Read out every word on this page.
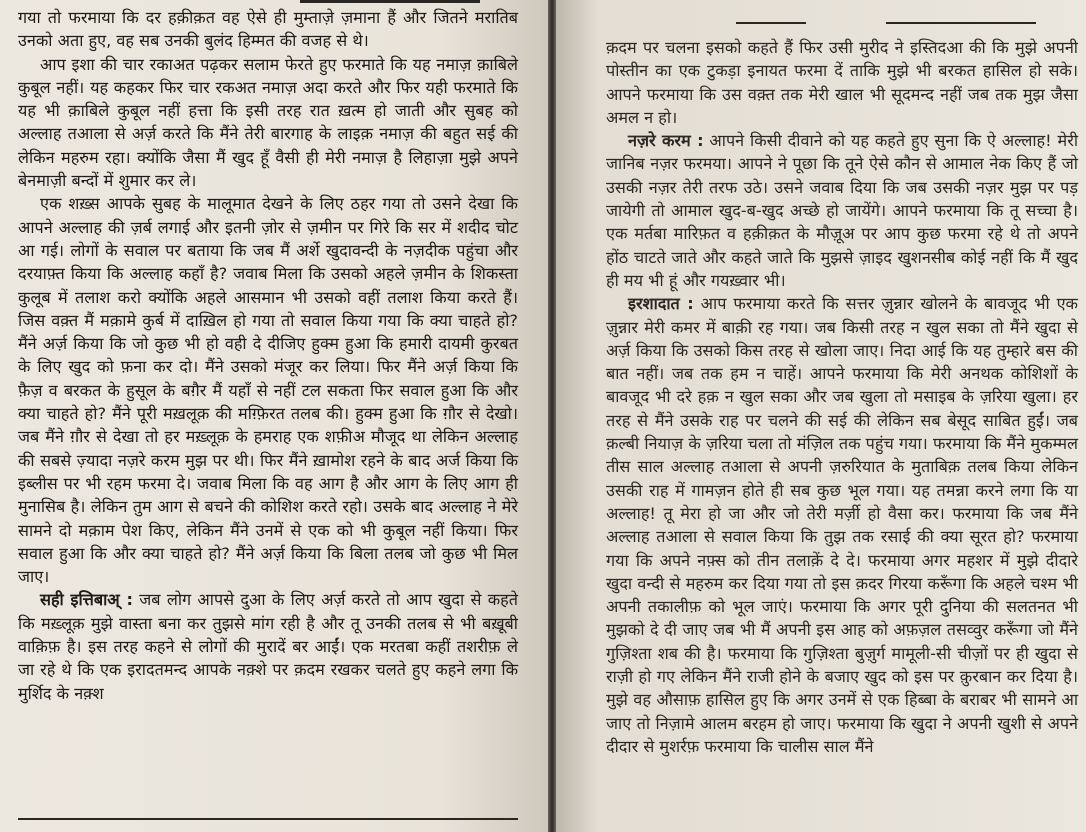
गया तो फरमाया कि दर हक़ीक़त वह ऐसे ही मुम्ताज़े ज़माना हैं और जितने मरातिब उनको अता हुए, वह सब उनकी बुलंद हिम्मत की वजह से थे।

आप इशा की चार रकाअत पढ़कर सलाम फेरते हुए फरमाते कि यह नमाज़ क़ाबिले कुबूल नहीं। यह कहकर फिर चार रकअत नमाज़ अदा करते और फिर यही फरमाते कि यह भी क़ाबिले कुबूल नहीं हत्ता कि इसी तरह रात ख़त्म हो जाती और सुबह को अल्लाह तआला से अर्ज़ करते कि मैंने तेरी बारगाह के लाइक़ नमाज़ की बहुत सई की लेकिन महरुम रहा। क्योंकि जैसा मैं खुद हूँ वैसी ही मेरी नमाज़ है लिहाज़ा मुझे अपने बेनमाज़ी बन्दों में शुमार कर ले।

एक शख़्स आपके सुबह के मालूमात देखने के लिए ठहर गया तो उसने देखा कि आपने अल्लाह की ज़र्ब लगाई और इतनी ज़ोर से ज़मीन पर गिरे कि सर में शदीद चोट आ गई। लोगों के सवाल पर बताया कि जब मैं अर्शे खुदावन्दी के नज़दीक पहुंचा और दरयाफ़्त किया कि अल्लाह कहाँ है? जवाब मिला कि उसको अहले ज़मीन के शिकस्ता कुलूब में तलाश करो क्योंकि अहले आसमान भी उसको वहीं तलाश किया करते हैं। जिस वक़्त मैं मक़ामे कुर्ब में दाख़िल हो गया तो सवाल किया गया कि क्या चाहते हो? मैंने अर्ज़ किया कि जो कुछ भी हो वही दे दीजिए हुक्म हुआ कि हमारी दायमी कुरबत के लिए खुद को फ़ना कर दो। मैंने उसको मंजूर कर लिया। फिर मैंने अर्ज़ किया कि फ़ैज़ व बरकत के हुसूल के बग़ैर मैं यहाँ से नहीं टल सकता फिर सवाल हुआ कि और क्या चाहते हो? मैंने पूरी मख़लूक़ की मग़्फ़िरत तलब की। हुक्म हुआ कि ग़ौर से देखो। जब मैंने ग़ौर से देखा तो हर मख़्लूक़ के हमराह एक शफ़ीअ मौजूद था लेकिन अल्लाह की सबसे ज़्यादा नज़रे करम मुझ पर थी। फिर मैंने ख़ामोश रहने के बाद अर्ज किया कि इब्लीस पर भी रहम फरमा दे। जवाब मिला कि वह आग है और आग के लिए आग ही मुनासिब है। लेकिन तुम आग से बचने की कोशिश करते रहो। उसके बाद अल्लाह ने मेरे सामने दो मक़ाम पेश किए, लेकिन मैंने उनमें से एक को भी कुबूल नहीं किया। फिर सवाल हुआ कि और क्या चाहते हो? मैंने अर्ज़ किया कि बिला तलब जो कुछ भी मिल जाए।

सही इत्तिबाअ् : जब लोग आपसे दुआ के लिए अर्ज़ करते तो आप खुदा से कहते कि मख़्लूक़ मुझे वास्ता बना कर तुझसे मांग रही है और तू उनकी तलब से भी बख़ूबी वाक़िफ़ है। इस तरह कहने से लोगों की मुरादें बर आईं। एक मरतबा कहीं तशरीफ़ ले जा रहे थे कि एक इरादतमन्द आपके नक़्शे पर क़दम रखकर चलते हुए कहने लगा कि मुर्शिद के नक़्श

क़दम पर चलना इसको कहते हैं फिर उसी मुरीद ने इस्तिदआ की कि मुझे अपनी पोस्तीन का एक टुकड़ा इनायत फरमा दें ताकि मुझे भी बरकत हासिल हो सके। आपने फरमाया कि उस वक़्त तक मेरी खाल भी सूदमन्द नहीं जब तक मुझ जैसा अमल न हो।

नज़रे करम : आपने किसी दीवाने को यह कहते हुए सुना कि ऐ अल्लाह! मेरी जानिब नज़र फरमया। आपने ने पूछा कि तूने ऐसे कौन से आमाल नेक किए हैं जो उसकी नज़र तेरी तरफ उठे। उसने जवाब दिया कि जब उसकी नज़र मुझ पर पड़ जायेगी तो आमाल खुद-ब-खुद अच्छे हो जायेंगे। आपने फरमाया कि तू सच्चा है। एक मर्तबा मारिफ़त व हक़ीक़त के मौज़ूअ पर आप कुछ फरमा रहे थे तो अपने होंठ चाटते जाते और कहते जाते कि मुझसे ज़ाइद खुशनसीब कोई नहीं कि मैं खुद ही मय भी हूं और गयख़्वार भी।

इरशादात : आप फरमाया करते कि सत्तर ज़ुन्नार खोलने के बावजूद भी एक ज़ुन्नार मेरी कमर में बाक़ी रह गया। जब किसी तरह न खुल सका तो मैंने खुदा से अर्ज़ किया कि उसको किस तरह से खोला जाए। निदा आई कि यह तुम्हारे बस की बात नहीं। जब तक हम न चाहें। आपने फरमाया कि मेरी अनथक कोशिशों के बावजूद भी दरे हक़ न खुल सका और जब खुला तो मसाइब के ज़रिया खुला। हर तरह से मैंने उसके राह पर चलने की सई की लेकिन सब बेसूद साबित हुईं। जब क़ल्बी नियाज़ के ज़रिया चला तो मंज़िल तक पहुंच गया। फरमाया कि मैंने मुकम्मल तीस साल अल्लाह तआला से अपनी ज़रुरियात के मुताबिक़ तलब किया लेकिन उसकी राह में गामज़न होते ही सब कुछ भूल गया। यह तमन्ना करने लगा कि या अल्लाह! तू मेरा हो जा और जो तेरी मर्ज़ी हो वैसा कर। फरमाया कि जब मैंने अल्लाह तआला से सवाल किया कि तुझ तक रसाई की क्या सूरत हो? फरमाया गया कि अपने नफ़्स को तीन तलाक़ें दे दे। फरमाया अगर महशर में मुझे दीदारे खुदा वन्दी से महरुम कर दिया गया तो इस क़दर गिरया करूँगा कि अहले चश्म भी अपनी तकालीफ़ को भूल जाएं। फरमाया कि अगर पूरी दुनिया की सलतनत भी मुझको दे दी जाए जब भी मैं अपनी इस आह को अफ़ज़ल तसव्वुर करूँगा जो मैंने गुज़िश्ता शब की है। फरमाया कि गुज़िश्ता बुज़ुर्ग मामूली-सी चीज़ों पर ही खुदा से राज़ी हो गए लेकिन मैंने राजी होने के बजाए खुद को इस पर क़ुरबान कर दिया है। मुझे वह औसाफ़ हासिल हुए कि अगर उनमें से एक हिब्बा के बराबर भी सामने आ जाए तो निज़ामे आलम बरहम हो जाए। फरमाया कि खुदा ने अपनी खुशी से अपने दीदार से मुशर्रफ़ फरमाया कि चालीस साल मैंने
